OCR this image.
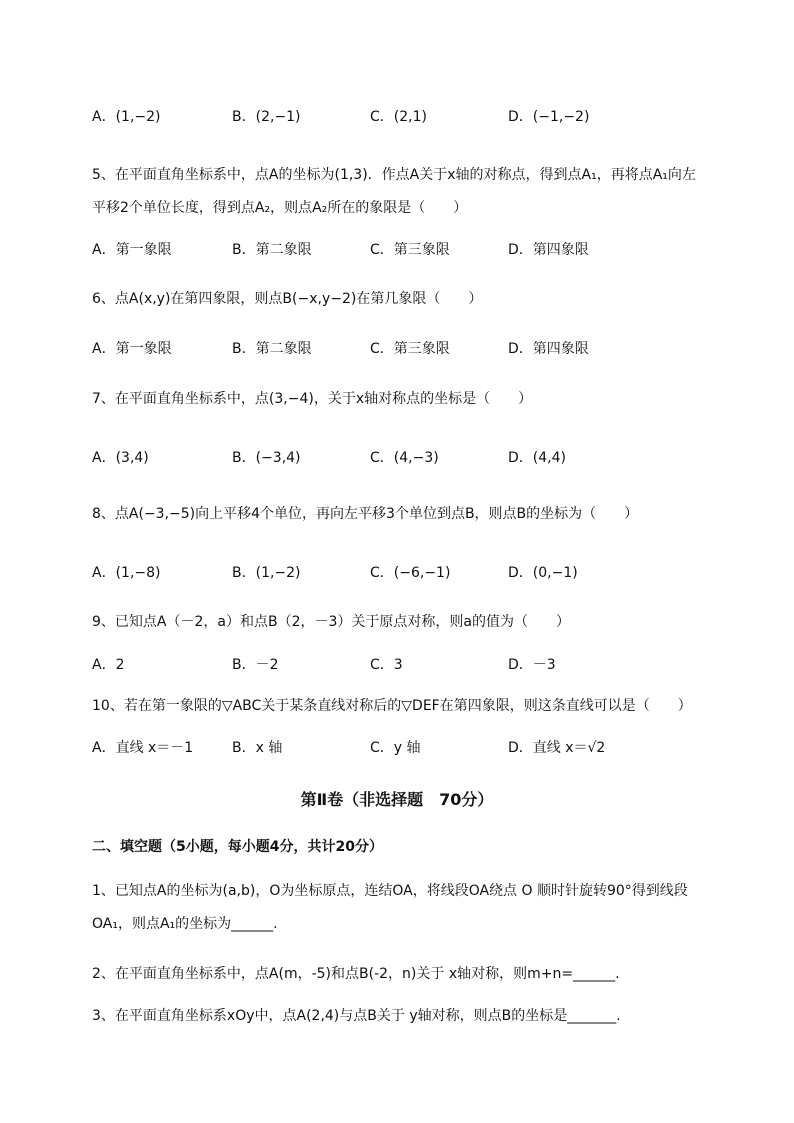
A．(1,−2)	B．(2,−1)	C．(2,1)	D．(−1,−2)
5、在平面直角坐标系中，点A的坐标为(1,3)．作点A关于x轴的对称点，得到点A₁，再将点A₁向左
平移2个单位长度，得到点A₂，则点A₂所在的象限是（　　）
A．第一象限	B．第二象限	C．第三象限	D．第四象限
6、点A(x,y)在第四象限，则点B(−x,y−2)在第几象限（　　）
A．第一象限	B．第二象限	C．第三象限	D．第四象限
7、在平面直角坐标系中，点(3,−4)，关于x轴对称点的坐标是（　　）
A．(3,4)	B．(−3,4)	C．(4,−3)	D．(4,4)
8、点A(−3,−5)向上平移4个单位，再向左平移3个单位到点B，则点B的坐标为（　　）
A．(1,−8)	B．(1,−2)	C．(−6,−1)	D．(0,−1)
9、已知点A（－2，a）和点B（2，－3）关于原点对称，则a的值为（　　）
A．2	B．－2	C．3	D．－3
10、若在第一象限的▽ABC关于某条直线对称后的▽DEF在第四象限，则这条直线可以是（　　）
A．直线 x＝－1	B．x 轴	C．y 轴	D．直线 x＝√2
第Ⅱ卷（非选择题　70分）
二、填空题（5小题，每小题4分，共计20分）
1、已知点A的坐标为(a,b)，O为坐标原点，连结OA，将线段OA绕点 O 顺时针旋转90°得到线段
OA₁，则点A₁的坐标为______.
2、在平面直角坐标系中，点A(m，-5)和点B(-2，n)关于 x轴对称，则m+n=______.
3、在平面直角坐标系xOy中，点A(2,4)与点B关于 y轴对称，则点B的坐标是_______.
